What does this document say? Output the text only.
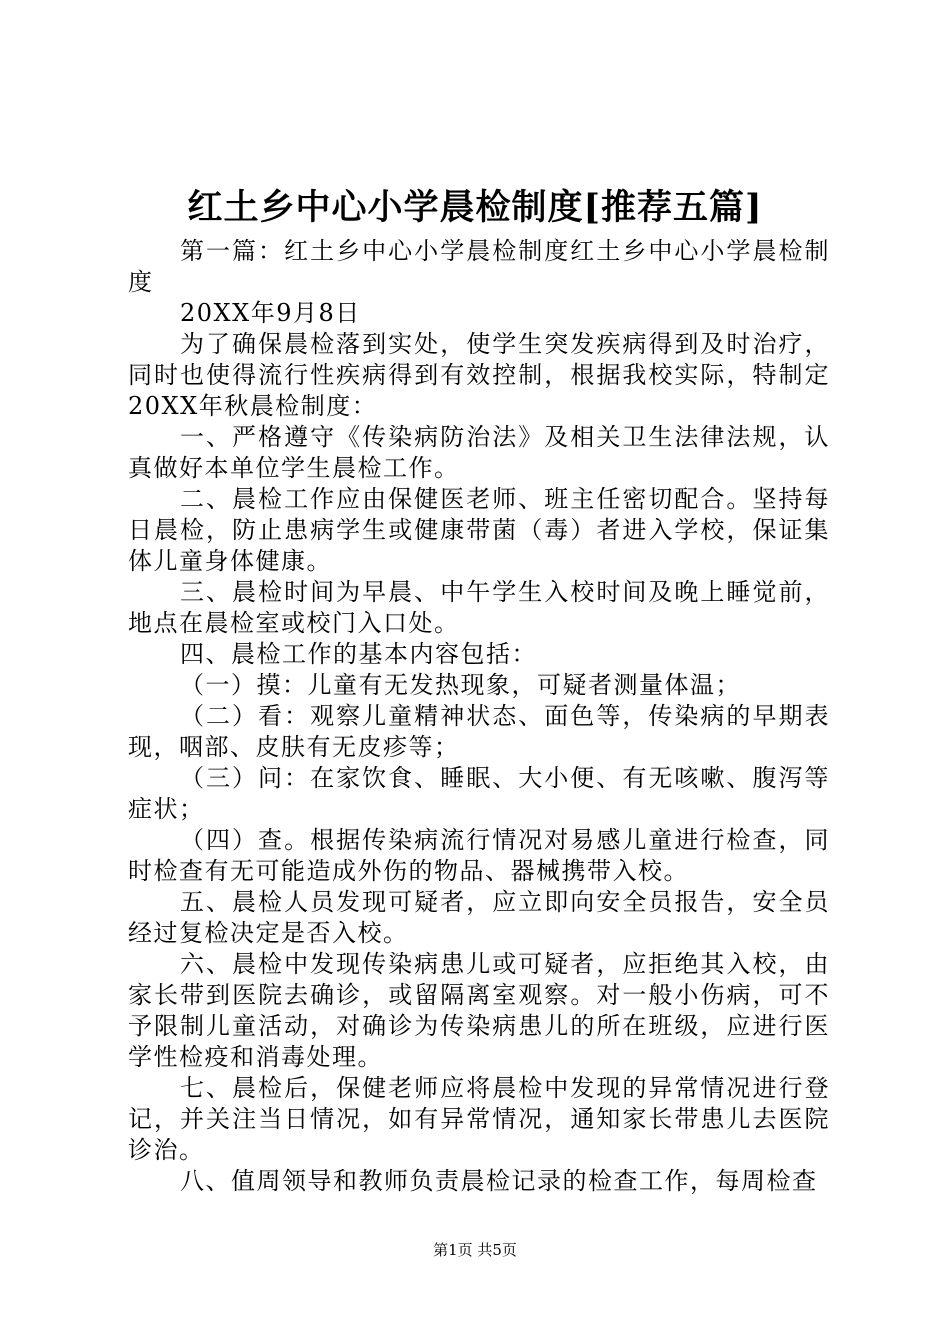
红土乡中心小学晨检制度[推荐五篇]

第一篇：红土乡中心小学晨检制度红土乡中心小学晨检制度

20XX年9月8日

为了确保晨检落到实处，使学生突发疾病得到及时治疗，同时也使得流行性疾病得到有效控制，根据我校实际，特制定20XX年秋晨检制度：

一、严格遵守《传染病防治法》及相关卫生法律法规，认真做好本单位学生晨检工作。

二、晨检工作应由保健医老师、班主任密切配合。坚持每日晨检，防止患病学生或健康带菌（毒）者进入学校，保证集体儿童身体健康。

三、晨检时间为早晨、中午学生入校时间及晚上睡觉前，地点在晨检室或校门入口处。

四、晨检工作的基本内容包括：

（一）摸：儿童有无发热现象，可疑者测量体温；

（二）看：观察儿童精神状态、面色等，传染病的早期表现，咽部、皮肤有无皮疹等；

（三）问：在家饮食、睡眠、大小便、有无咳嗽、腹泻等症状；

（四）查。根据传染病流行情况对易感儿童进行检查，同时检查有无可能造成外伤的物品、器械携带入校。

五、晨检人员发现可疑者，应立即向安全员报告，安全员经过复检决定是否入校。

六、晨检中发现传染病患儿或可疑者，应拒绝其入校，由家长带到医院去确诊，或留隔离室观察。对一般小伤病，可不予限制儿童活动，对确诊为传染病患儿的所在班级，应进行医学性检疫和消毒处理。

七、晨检后，保健老师应将晨检中发现的异常情况进行登记，并关注当日情况，如有异常情况，通知家长带患儿去医院诊治。

八、值周领导和教师负责晨检记录的检查工作，每周检查

第1页 共5页
